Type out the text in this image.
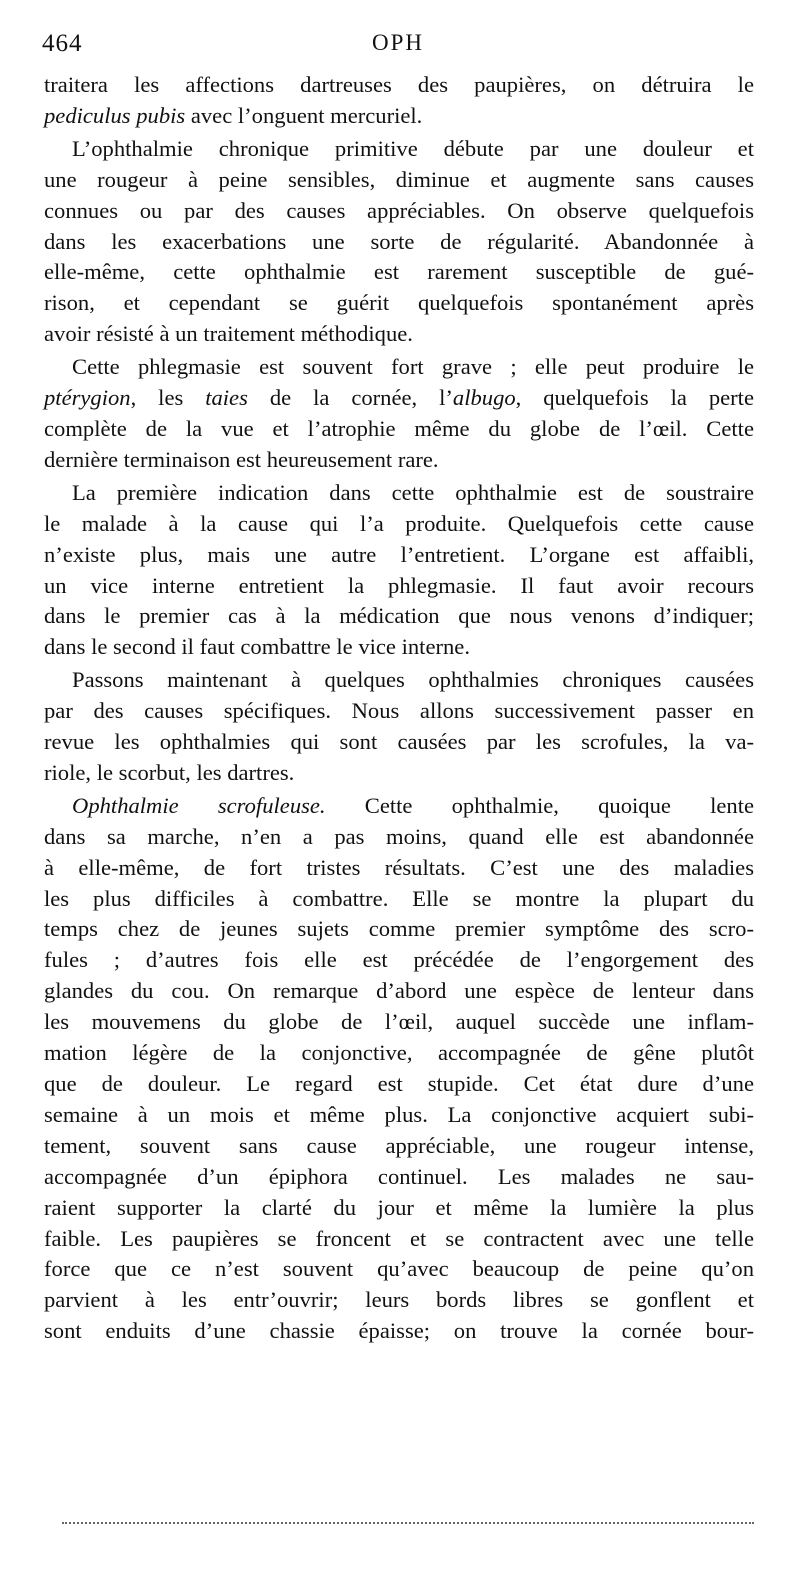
464	OPH

traitera les affections dartreuses des paupières, on détruira le
pediculus pubis avec l’onguent mercuriel.

L’ophthalmie chronique primitive débute par une douleur et
une rougeur à peine sensibles, diminue et augmente sans causes
connues ou par des causes appréciables. On observe quelquefois
dans les exacerbations une sorte de régularité. Abandonnée à
elle-même, cette ophthalmie est rarement susceptible de gué-
rison, et cependant se guérit quelquefois spontanément après
avoir résisté à un traitement méthodique.

Cette phlegmasie est souvent fort grave ; elle peut produire le
ptérygion, les taies de la cornée, l’albugo, quelquefois la perte
complète de la vue et l’atrophie même du globe de l’œil. Cette
dernière terminaison est heureusement rare.

La première indication dans cette ophthalmie est de soustraire
le malade à la cause qui l’a produite. Quelquefois cette cause
n’existe plus, mais une autre l’entretient. L’organe est affaibli,
un vice interne entretient la phlegmasie. Il faut avoir recours
dans le premier cas à la médication que nous venons d’indiquer;
dans le second il faut combattre le vice interne.

Passons maintenant à quelques ophthalmies chroniques causées
par des causes spécifiques. Nous allons successivement passer en
revue les ophthalmies qui sont causées par les scrofules, la va-
riole, le scorbut, les dartres.

Ophthalmie scrofuleuse. Cette ophthalmie, quoique lente
dans sa marche, n’en a pas moins, quand elle est abandonnée
à elle-même, de fort tristes résultats. C’est une des maladies
les plus difficiles à combattre. Elle se montre la plupart du
temps chez de jeunes sujets comme premier symptôme des scro-
fules ; d’autres fois elle est précédée de l’engorgement des
glandes du cou. On remarque d’abord une espèce de lenteur dans
les mouvemens du globe de l’œil, auquel succède une inflam-
mation légère de la conjonctive, accompagnée de gêne plutôt
que de douleur. Le regard est stupide. Cet état dure d’une
semaine à un mois et même plus. La conjonctive acquiert subi-
tement, souvent sans cause appréciable, une rougeur intense,
accompagnée d’un épiphora continuel. Les malades ne sau-
raient supporter la clarté du jour et même la lumière la plus
faible. Les paupières se froncent et se contractent avec une telle
force que ce n’est souvent qu’avec beaucoup de peine qu’on
parvient à les entr’ouvrir; leurs bords libres se gonflent et
sont enduits d’une chassie épaisse; on trouve la cornée bour-
